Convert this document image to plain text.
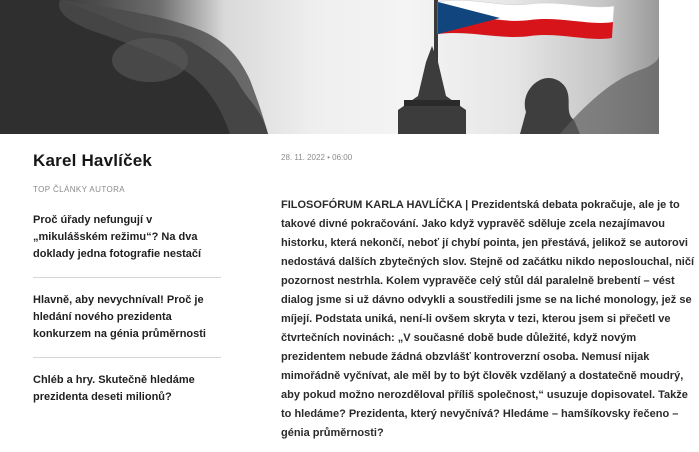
Karel Havlíček

TOP ČLÁNKY AUTORA

Proč úřady nefungují v „mikulášském režimu“? Na dva doklady jedna fotografie nestačí
Hlavně, aby nevychníval! Proč je hledání nového prezidenta konkurzem na génia průměrnosti
Chléb a hry. Skutečně hledáme prezidenta deseti milionů?

28. 11. 2022 • 06:00

FILOSOFÓRUM KARLA HAVLÍČKA | Prezidentská debata pokračuje, ale je to takové divné pokračování. Jako když vypravěč sděluje zcela nezajímavou historku, která nekončí, neboť jí chybí pointa, jen přestává, jelikož se autorovi nedostává dalších zbytečných slov. Stejně od začátku nikdo neposlouchal, ničí pozornost nestrhla. Kolem vypravěče celý stůl dál paralelně brebentí – vést dialog jsme si už dávno odvykli a soustředili jsme se na liché monology, jež se míjejí. Podstata uniká, není-li ovšem skryta v tezi, kterou jsem si přečetl ve čtvrtečních novinách: „V současné době bude důležité, když novým prezidentem nebude žádná obzvlášť kontroverzní osoba. Nemusí nijak mimořádně vyčnívat, ale měl by to být člověk vzdělaný a dostatečně moudrý, aby pokud možno nerozděloval příliš společnost,“ usuzuje dopisovatel. Takže to hledáme? Prezidenta, který nevyčnívá? Hledáme – hamšíkovsky řečeno – génia průměrnosti?
